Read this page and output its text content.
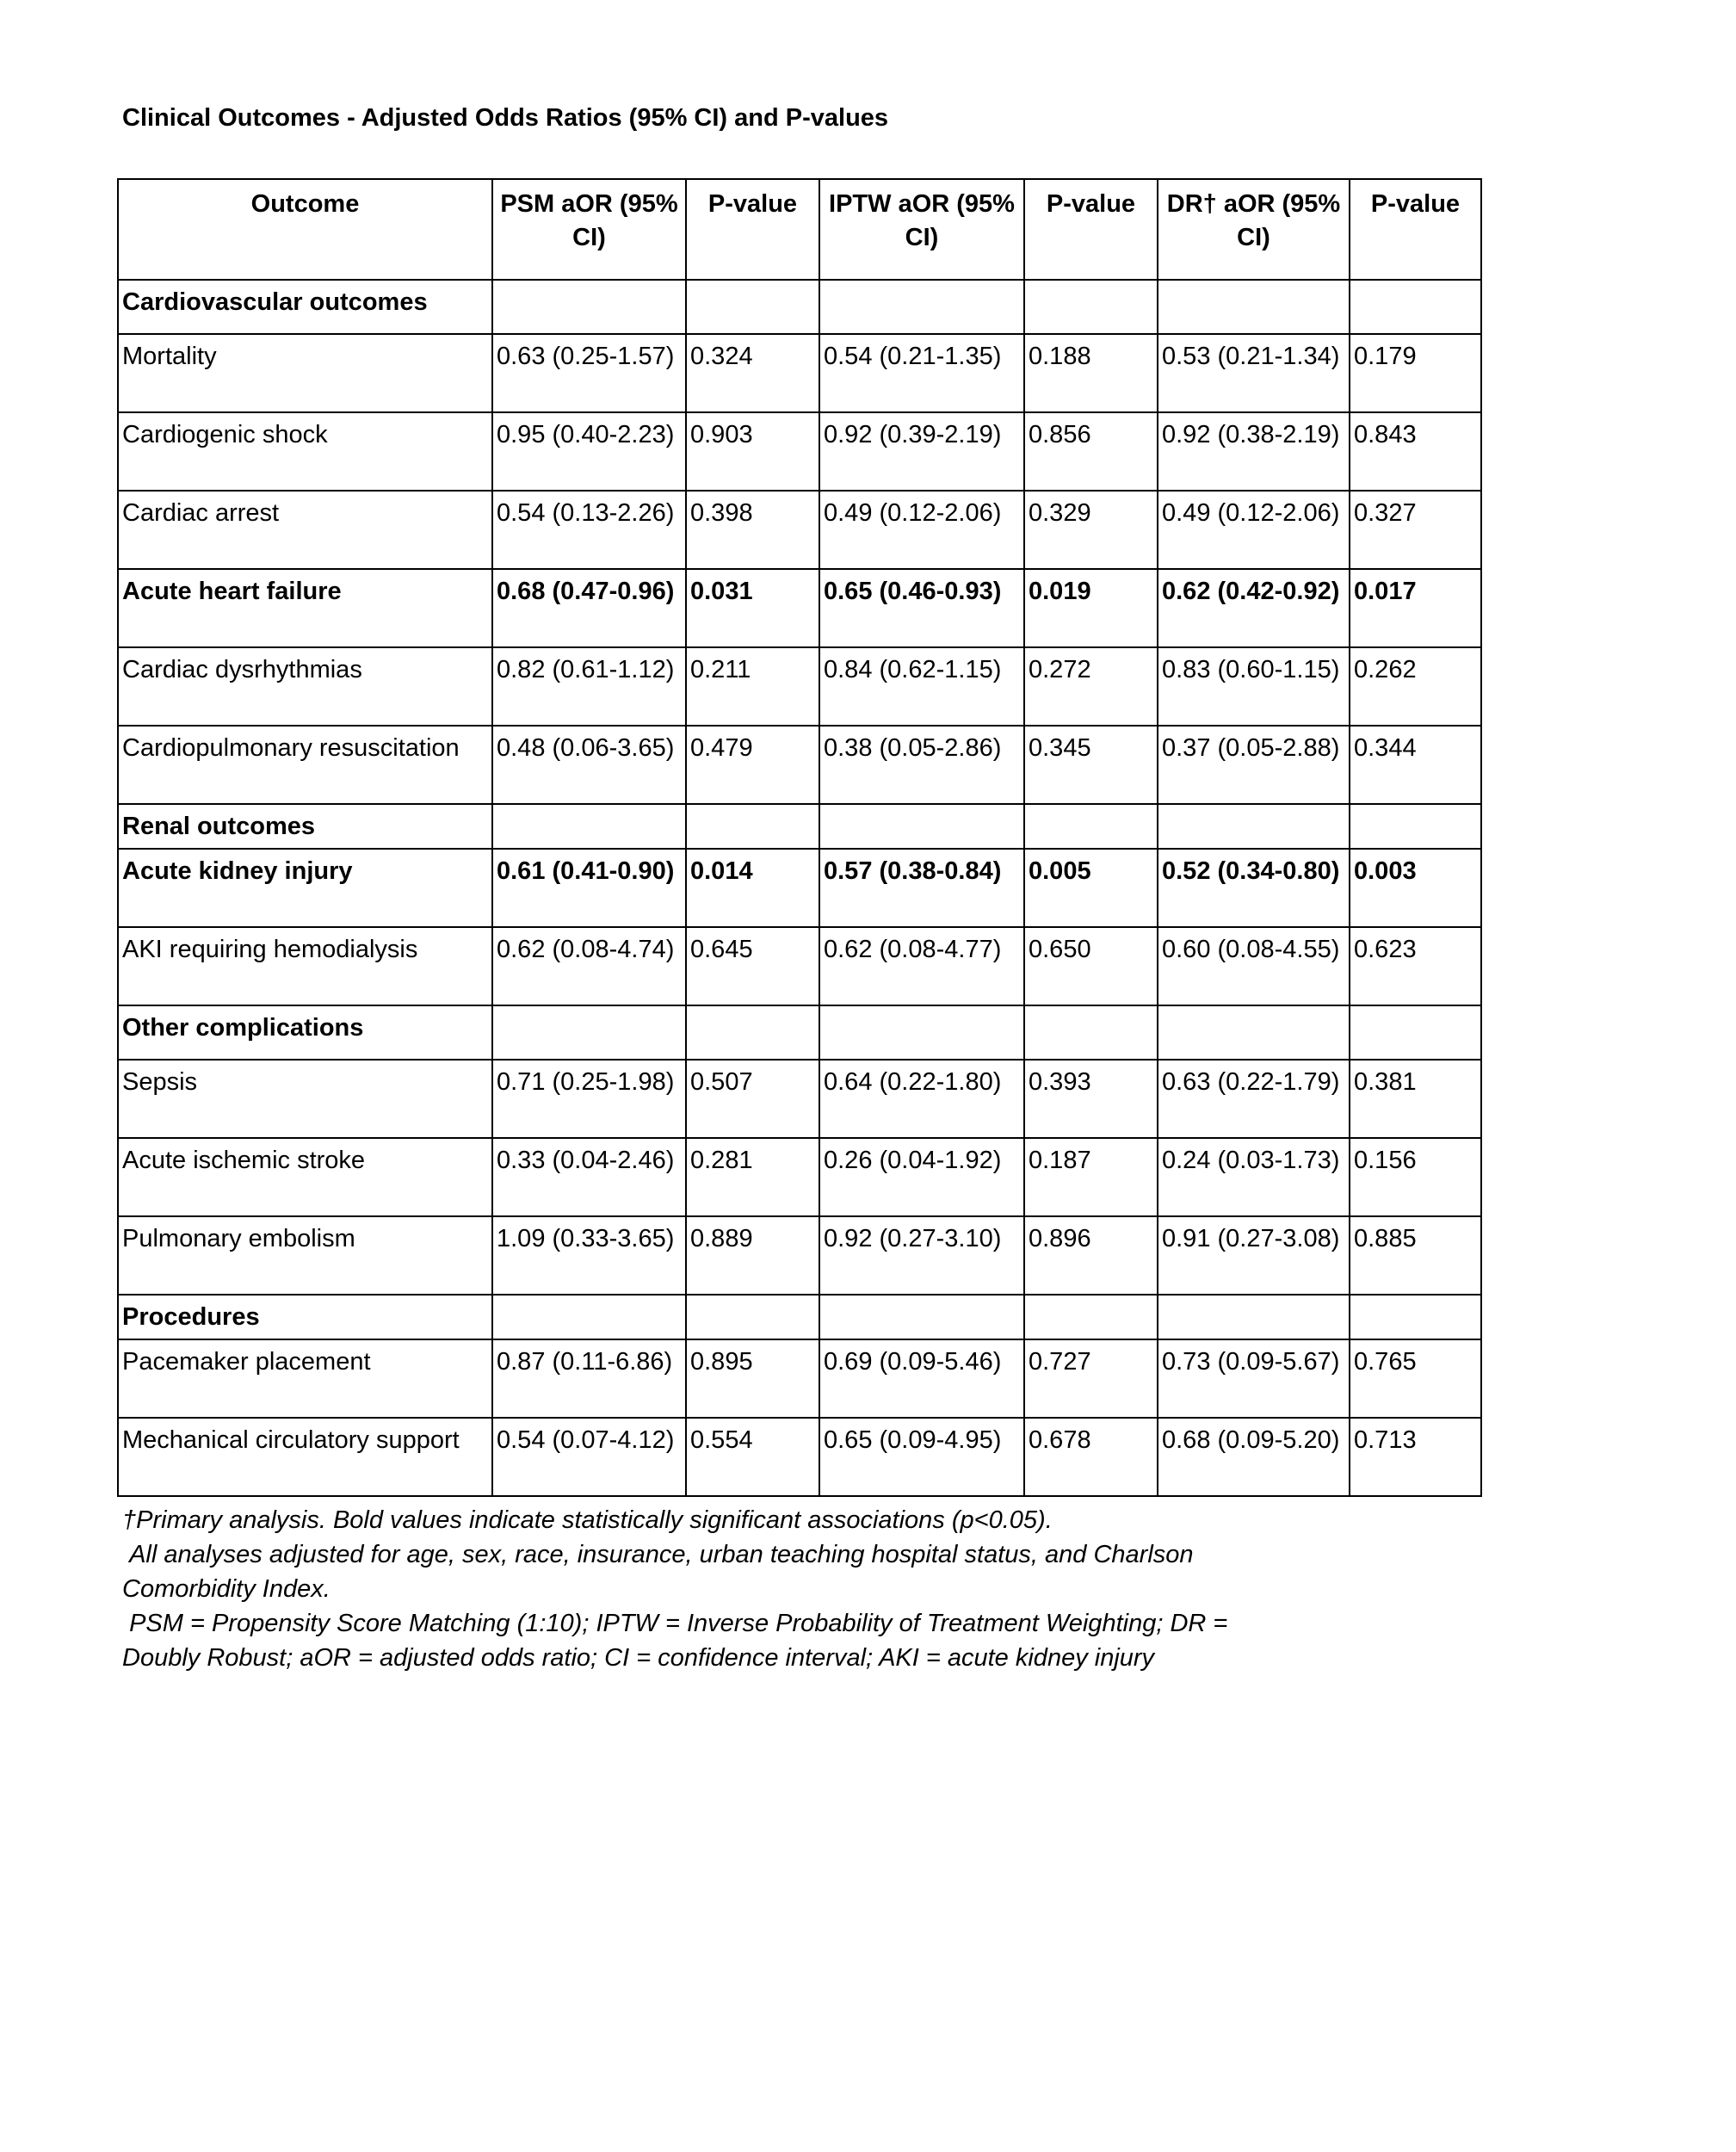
Clinical Outcomes - Adjusted Odds Ratios (95% CI) and P-values
Outcome	PSM aOR (95% CI)	P-value	IPTW aOR (95% CI)	P-value	DR† aOR (95% CI)	P-value
Cardiovascular outcomes						
Mortality	0.63 (0.25-1.57)	0.324	0.54 (0.21-1.35)	0.188	0.53 (0.21-1.34)	0.179
Cardiogenic shock	0.95 (0.40-2.23)	0.903	0.92 (0.39-2.19)	0.856	0.92 (0.38-2.19)	0.843
Cardiac arrest	0.54 (0.13-2.26)	0.398	0.49 (0.12-2.06)	0.329	0.49 (0.12-2.06)	0.327
Acute heart failure	0.68 (0.47-0.96)	0.031	0.65 (0.46-0.93)	0.019	0.62 (0.42-0.92)	0.017
Cardiac dysrhythmias	0.82 (0.61-1.12)	0.211	0.84 (0.62-1.15)	0.272	0.83 (0.60-1.15)	0.262
Cardiopulmonary resuscitation	0.48 (0.06-3.65)	0.479	0.38 (0.05-2.86)	0.345	0.37 (0.05-2.88)	0.344
Renal outcomes						
Acute kidney injury	0.61 (0.41-0.90)	0.014	0.57 (0.38-0.84)	0.005	0.52 (0.34-0.80)	0.003
AKI requiring hemodialysis	0.62 (0.08-4.74)	0.645	0.62 (0.08-4.77)	0.650	0.60 (0.08-4.55)	0.623
Other complications						
Sepsis	0.71 (0.25-1.98)	0.507	0.64 (0.22-1.80)	0.393	0.63 (0.22-1.79)	0.381
Acute ischemic stroke	0.33 (0.04-2.46)	0.281	0.26 (0.04-1.92)	0.187	0.24 (0.03-1.73)	0.156
Pulmonary embolism	1.09 (0.33-3.65)	0.889	0.92 (0.27-3.10)	0.896	0.91 (0.27-3.08)	0.885
Procedures						
Pacemaker placement	0.87 (0.11-6.86)	0.895	0.69 (0.09-5.46)	0.727	0.73 (0.09-5.67)	0.765
Mechanical circulatory support	0.54 (0.07-4.12)	0.554	0.65 (0.09-4.95)	0.678	0.68 (0.09-5.20)	0.713
†Primary analysis. Bold values indicate statistically significant associations (p<0.05).
All analyses adjusted for age, sex, race, insurance, urban teaching hospital status, and Charlson Comorbidity Index.
PSM = Propensity Score Matching (1:10); IPTW = Inverse Probability of Treatment Weighting; DR = Doubly Robust; aOR = adjusted odds ratio; CI = confidence interval; AKI = acute kidney injury
